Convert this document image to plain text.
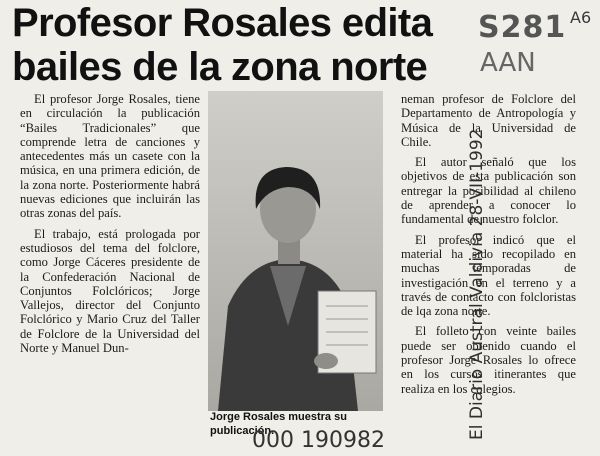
Profesor Rosales edita
bailes de la zona norte
S281
AAN
A6

El profesor Jorge Rosales, tiene en circulación la publicación “Bailes Tradicionales” que comprende letra de canciones y antecedentes más un casete con la música, en una primera edición, de la zona norte. Posteriormente habrá nuevas ediciones que incluirán las otras zonas del país.

El trabajo, está prologada por estudiosos del tema del folclore, como Jorge Cáceres presidente de la Confederación Nacional de Conjuntos Folclóricos; Jorge Vallejos, director del Conjunto Folclórico y Mario Cruz del Taller de Folclore de la Universidad del Norte y Manuel Dun-

Jorge Rosales muestra su publicación.

neman profesor de Folclore del Departamento de Antropología y Música de la Universidad de Chile.

El autor señaló que los objetivos de esta publicación son entregar la posibilidad al chileno de aprender a conocer lo fundamental de nuestro folclor.

El profesor indicó que el material ha sido recopilado en muchas temporadas de investigación en el terreno y a través de contacto con folcloristas de lqa zona norte.

El folleto con veinte bailes puede ser obtenido cuando el profesor Jorge Rosales lo ofrece en los cursos itinerantes que realiza en los colegios.

El Diario Austral Valdivia 28-VII-1992
000 190982
